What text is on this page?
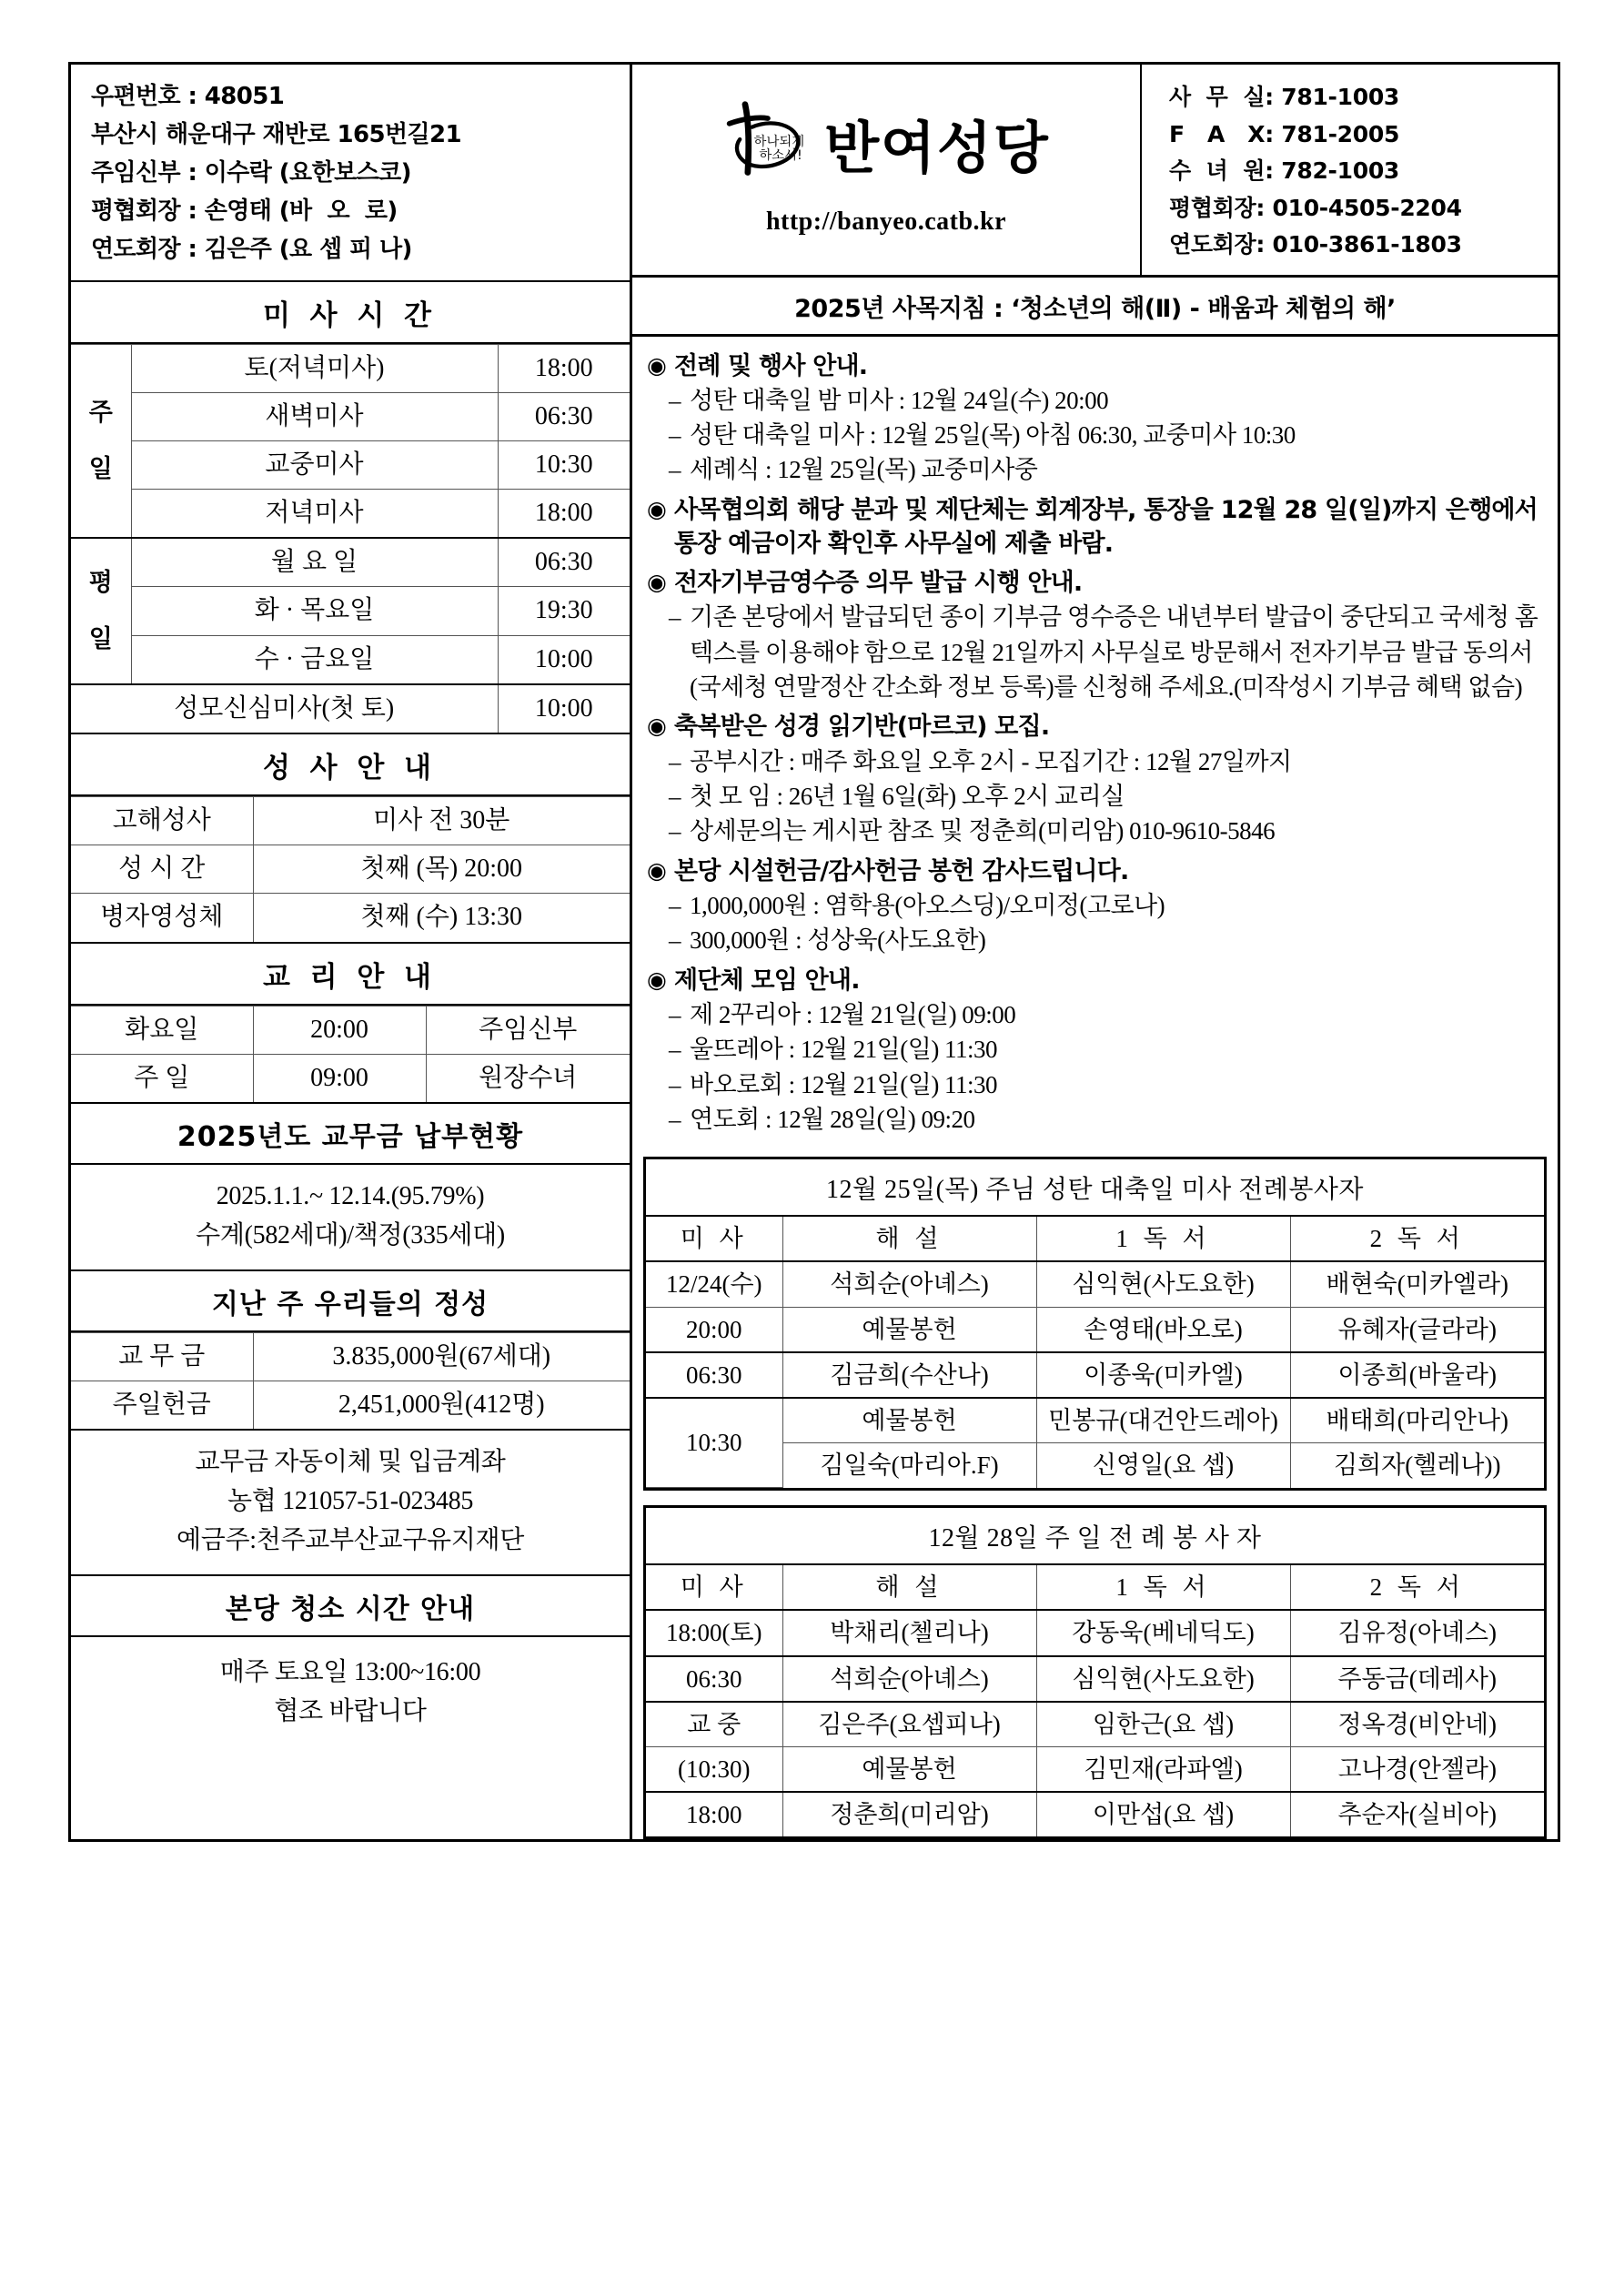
우편번호 : 48051
부산시 해운대구 재반로 165번길21
주임신부 : 이수락 (요한보스코)
평협회장 : 손영태 (바  오  로)
연도회장 : 김은주 (요 셉 피 나)
미 사 시 간
주

일	토(저녁미사)	18:00
	새벽미사	06:30
	교중미사	10:30
	저녁미사	18:00
평

일	월 요 일	06:30
	화 · 목요일	19:30
	수 · 금요일	10:00
성모신심미사(첫 토)		10:00
성 사 안 내
고해성사	미사 전 30분
성 시 간	첫째 (목) 20:00
병자영성체	첫째 (수) 13:30
교 리 안 내
화요일	20:00	주임신부
주 일	09:00	원장수녀
2025년도 교무금 납부현황
2025.1.1.~ 12.14.(95.79%)
수계(582세대)/책정(335세대)
지난 주 우리들의 정성
교 무 금	3.835,000원(67세대)
주일헌금	2,451,000원(412명)
교무금 자동이체 및 입금계좌
농협 121057-51-023485
예금주:천주교부산교구유지재단
본당 청소 시간 안내
매주 토요일 13:00~16:00
협조 바랍니다
하나되게
하소서! 반여성당
http://banyeo.catb.kr
사  무  실: 781-1003
F   A   X: 781-2005
수  녀  원: 782-1003
평협회장: 010-4505-2204
연도회장: 010-3861-1803
2025년 사목지침 : ‘청소년의 해(Ⅱ) - 배움과 체험의 해’
◉ 전례 및 행사 안내.
– 성탄 대축일 밤 미사 : 12월 24일(수) 20:00
– 성탄 대축일 미사 : 12월 25일(목) 아침 06:30, 교중미사 10:30
– 세례식 : 12월 25일(목) 교중미사중
◉ 사목협의회 해당 분과 및 제단체는 회계장부, 통장을 12월 28 일(일)까지 은행에서 통장 예금이자 확인후 사무실에 제출 바람.
◉ 전자기부금영수증 의무 발급 시행 안내.
– 기존 본당에서 발급되던 종이 기부금 영수증은 내년부터 발급이 중단되고 국세청 홈텍스를 이용해야 함으로 12월 21일까지 사무실로 방문해서 전자기부금 발급 동의서(국세청 연말정산 간소화 정보 등록)를 신청해 주세요.(미작성시 기부금 혜택 없슴)
◉ 축복받은 성경 읽기반(마르코) 모집.
– 공부시간 : 매주 화요일 오후 2시 - 모집기간 : 12월 27일까지
– 첫 모 임 : 26년 1월 6일(화) 오후 2시 교리실
– 상세문의는 게시판 참조 및 정춘희(미리암) 010-9610-5846
◉ 본당 시설헌금/감사헌금 봉헌 감사드립니다.
– 1,000,000원 : 염학용(아오스딩)/오미정(고로나)
– 300,000원 : 성상욱(사도요한)
◉ 제단체 모임 안내.
– 제 2꾸리아 : 12월 21일(일) 09:00
– 울뜨레아 : 12월 21일(일) 11:30
– 바오로회 : 12월 21일(일) 11:30
– 연도회 : 12월 28일(일) 09:20
12월 25일(목) 주님 성탄 대축일 미사 전례봉사자
미 사	해 설	1 독 서	2 독 서
12/24(수)	석희순(아녜스)	심익현(사도요한)	배현숙(미카엘라)
20:00	예물봉헌	손영태(바오로)	유혜자(글라라)
06:30	김금희(수산나)	이종욱(미카엘)	이종희(바울라)
10:30	예물봉헌	민봉규(대건안드레아)	배태희(마리안나)
	김일숙(마리아.F)	신영일(요 셉)	김희자(헬레나))
12월 28일 주 일 전 례 봉 사 자
미 사	해 설	1 독 서	2 독 서
18:00(토)	박채리(첼리나)	강동욱(베네딕도)	김유정(아녜스)
06:30	석희순(아녜스)	심익현(사도요한)	주동금(데레사)
교 중	김은주(요셉피나)	임한근(요 셉)	정옥경(비안네)
(10:30)	예물봉헌	김민재(라파엘)	고나경(안젤라)
18:00	정춘희(미리암)	이만섭(요 셉)	추순자(실비아)
